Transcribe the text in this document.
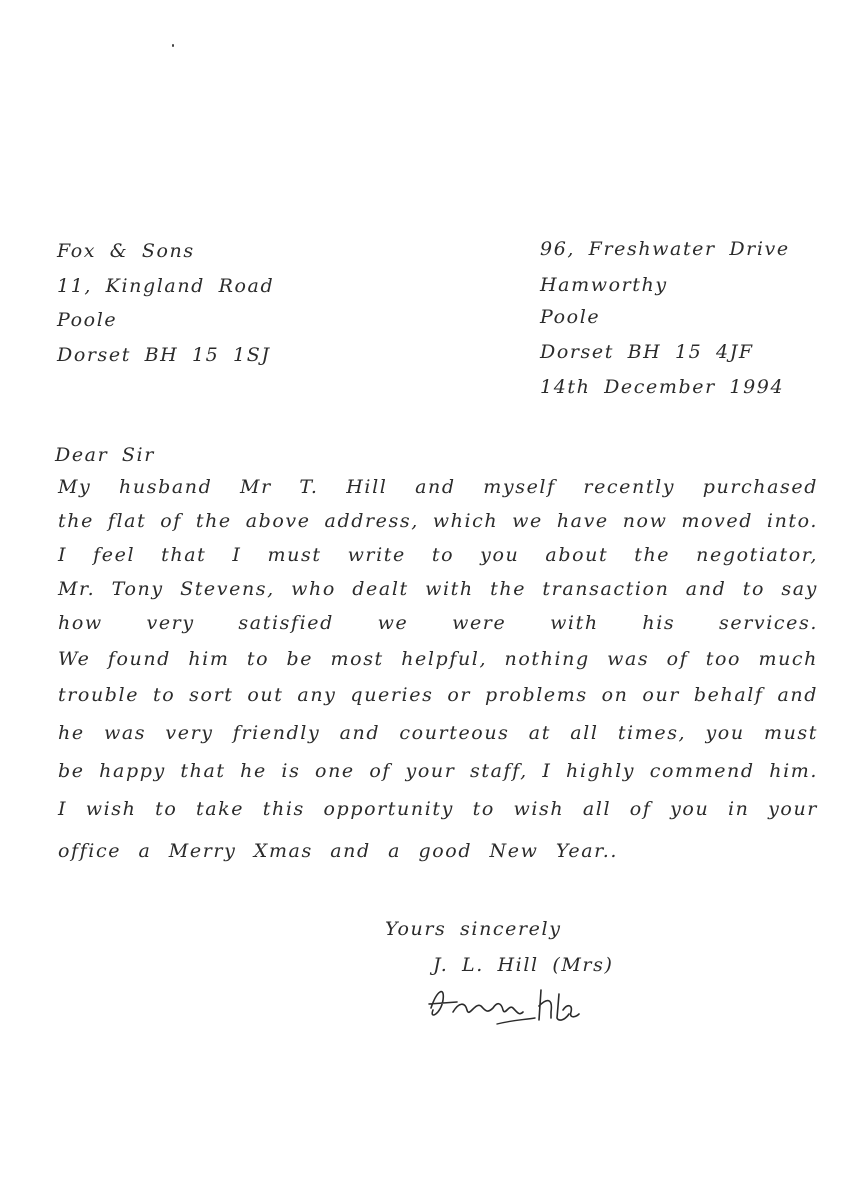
Fox & Sons
11, Kingland Road
Poole
Dorset BH 15 1SJ
96, Freshwater Drive
Hamworthy
Poole
Dorset BH 15 4JF
14th December 1994
Dear Sir
My husband Mr T. Hill and myself recently purchased
the flat of the above address, which we have now moved into.
I feel that I must write to you about the negotiator,
Mr. Tony Stevens, who dealt with the transaction and to say
how very satisfied we were with his services.
We found him to be most helpful, nothing was of too much
trouble to sort out any queries or problems on our behalf and
he was very friendly and courteous at all times, you must
be happy that he is one of your staff, I highly commend him.
I wish to take this opportunity to wish all of you in your
office a Merry Xmas and a good New Year..
Yours sincerely
J. L. Hill (Mrs)
